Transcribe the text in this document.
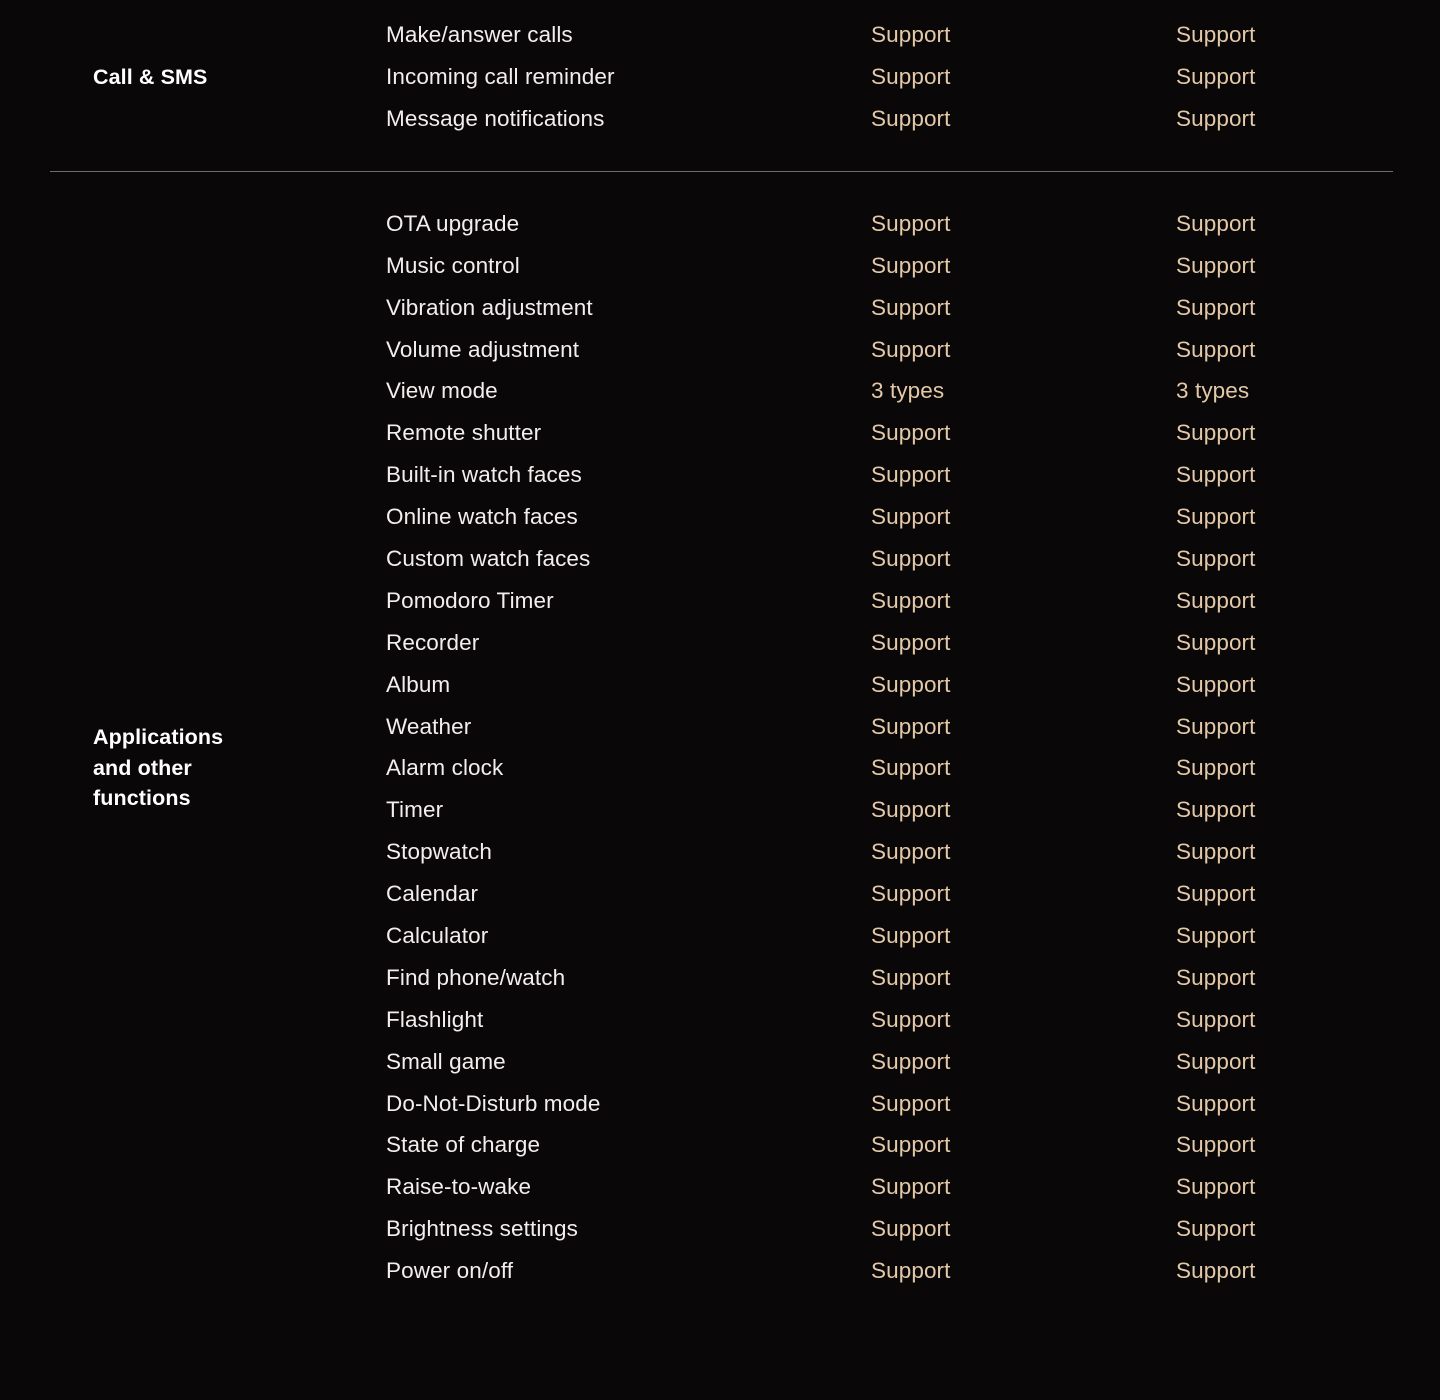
Call & SMS
Make/answer calls	Support	Support
Incoming call reminder	Support	Support
Message notifications	Support	Support
Applications
and other
functions
OTA upgrade	Support	Support
Music control	Support	Support
Vibration adjustment	Support	Support
Volume adjustment	Support	Support
View mode	3 types	3 types
Remote shutter	Support	Support
Built-in watch faces	Support	Support
Online watch faces	Support	Support
Custom watch faces	Support	Support
Pomodoro Timer	Support	Support
Recorder	Support	Support
Album	Support	Support
Weather	Support	Support
Alarm clock	Support	Support
Timer	Support	Support
Stopwatch	Support	Support
Calendar	Support	Support
Calculator	Support	Support
Find phone/watch	Support	Support
Flashlight	Support	Support
Small game	Support	Support
Do-Not-Disturb mode	Support	Support
State of charge	Support	Support
Raise-to-wake	Support	Support
Brightness settings	Support	Support
Power on/off	Support	Support
